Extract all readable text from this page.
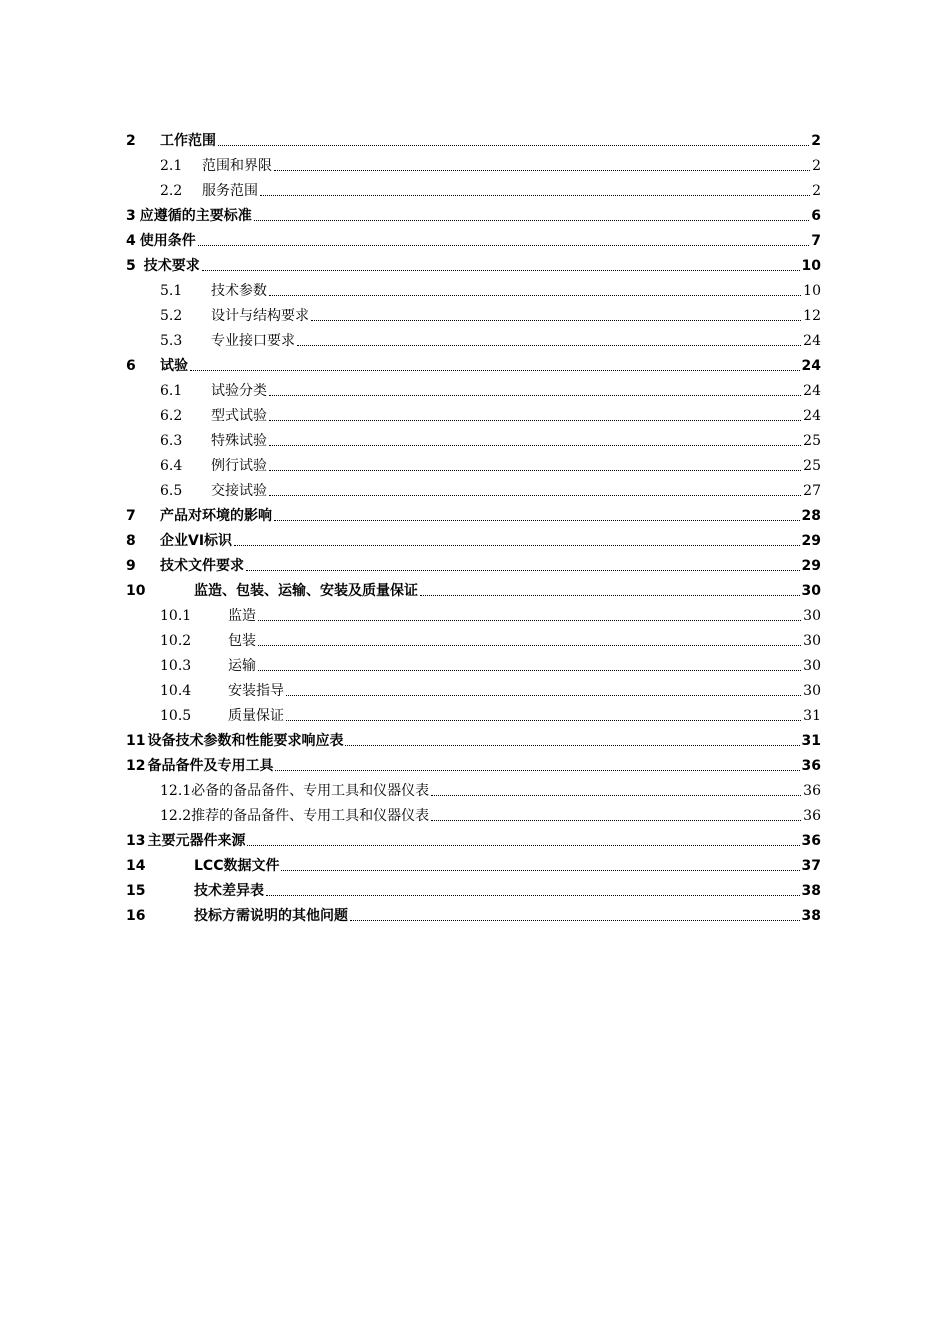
2	工作范围	2
2.1	范围和界限	2
2.2	服务范围	2
3 应遵循的主要标准	6
4 使用条件	7
5 技术要求	10
5.1	技术参数	10
5.2	设计与结构要求	12
5.3	专业接口要求	24
6	试验	24
6.1	试验分类	24
6.2	型式试验	24
6.3	特殊试验	25
6.4	例行试验	25
6.5	交接试验	27
7	产品对环境的影响	28
8	企业VI标识	29
9	技术文件要求	29
10	监造、包装、运输、安装及质量保证	30
10.1	监造	30
10.2	包装	30
10.3	运输	30
10.4	安装指导	30
10.5	质量保证	31
11 设备技术参数和性能要求响应表	31
12 备品备件及专用工具	36
12.1 必备的备品备件、专用工具和仪器仪表	36
12.2 推荐的备品备件、专用工具和仪器仪表	36
13 主要元器件来源	36
14	LCC数据文件	37
15	技术差异表	38
16	投标方需说明的其他问题	38
